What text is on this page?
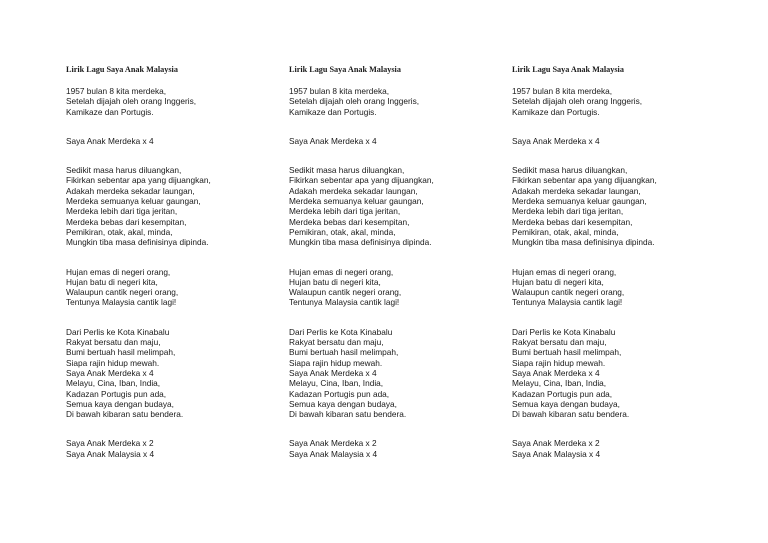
Lirik Lagu Saya Anak Malaysia

1957 bulan 8 kita merdeka,
Setelah dijajah oleh orang Inggeris,
Kamikaze dan Portugis.

Saya Anak Merdeka x 4

Sedikit masa harus diluangkan,
Fikirkan sebentar apa yang dijuangkan,
Adakah merdeka sekadar laungan,
Merdeka semuanya keluar gaungan,
Merdeka lebih dari tiga jeritan,
Merdeka bebas dari kesempitan,
Pemikiran, otak, akal, minda,
Mungkin tiba masa definisinya dipinda.

Hujan emas di negeri orang,
Hujan batu di negeri kita,
Walaupun cantik negeri orang,
Tentunya Malaysia cantik lagi!

Dari Perlis ke Kota Kinabalu
Rakyat bersatu dan maju,
Bumi bertuah hasil melimpah,
Siapa rajin hidup mewah.
Saya Anak Merdeka x 4
Melayu, Cina, Iban, India,
Kadazan Portugis pun ada,
Semua kaya dengan budaya,
Di bawah kibaran satu bendera.

Saya Anak Merdeka x 2
Saya Anak Malaysia x 4

Lirik Lagu Saya Anak Malaysia

1957 bulan 8 kita merdeka,
Setelah dijajah oleh orang Inggeris,
Kamikaze dan Portugis.

Saya Anak Merdeka x 4

Sedikit masa harus diluangkan,
Fikirkan sebentar apa yang dijuangkan,
Adakah merdeka sekadar laungan,
Merdeka semuanya keluar gaungan,
Merdeka lebih dari tiga jeritan,
Merdeka bebas dari kesempitan,
Pemikiran, otak, akal, minda,
Mungkin tiba masa definisinya dipinda.

Hujan emas di negeri orang,
Hujan batu di negeri kita,
Walaupun cantik negeri orang,
Tentunya Malaysia cantik lagi!

Dari Perlis ke Kota Kinabalu
Rakyat bersatu dan maju,
Bumi bertuah hasil melimpah,
Siapa rajin hidup mewah.
Saya Anak Merdeka x 4
Melayu, Cina, Iban, India,
Kadazan Portugis pun ada,
Semua kaya dengan budaya,
Di bawah kibaran satu bendera.

Saya Anak Merdeka x 2
Saya Anak Malaysia x 4

Lirik Lagu Saya Anak Malaysia

1957 bulan 8 kita merdeka,
Setelah dijajah oleh orang Inggeris,
Kamikaze dan Portugis.

Saya Anak Merdeka x 4

Sedikit masa harus diluangkan,
Fikirkan sebentar apa yang dijuangkan,
Adakah merdeka sekadar laungan,
Merdeka semuanya keluar gaungan,
Merdeka lebih dari tiga jeritan,
Merdeka bebas dari kesempitan,
Pemikiran, otak, akal, minda,
Mungkin tiba masa definisinya dipinda.

Hujan emas di negeri orang,
Hujan batu di negeri kita,
Walaupun cantik negeri orang,
Tentunya Malaysia cantik lagi!

Dari Perlis ke Kota Kinabalu
Rakyat bersatu dan maju,
Bumi bertuah hasil melimpah,
Siapa rajin hidup mewah.
Saya Anak Merdeka x 4
Melayu, Cina, Iban, India,
Kadazan Portugis pun ada,
Semua kaya dengan budaya,
Di bawah kibaran satu bendera.

Saya Anak Merdeka x 2
Saya Anak Malaysia x 4
